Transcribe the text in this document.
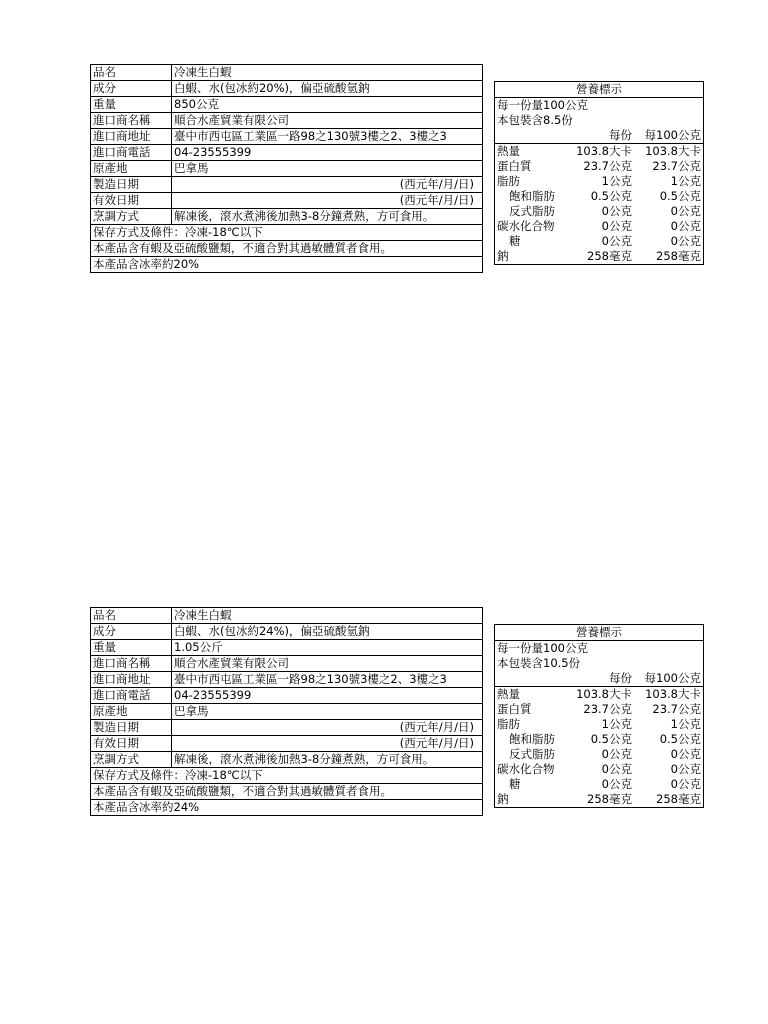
品名	冷凍生白蝦
成分	白蝦、水(包冰約20%)，偏亞硫酸氫鈉
重量	850公克
進口商名稱	順合水產貿業有限公司
進口商地址	臺中市西屯區工業區一路98之130號3樓之2、3樓之3
進口商電話	04-23555399
原產地	巴拿馬
製造日期	(西元年/月/日)
有效日期	(西元年/月/日)
烹調方式	解凍後，滾水煮沸後加熱3-8分鐘煮熟，方可食用。
保存方式及條件：冷凍-18℃以下	
本產品含有蝦及亞硫酸鹽類，不適合對其過敏體質者食用。	
本產品含冰率約20%	
營養標示		
每一份量100公克		
本包裝含8.5份		
	每份	每100公克
熱量	103.8大卡	103.8大卡
蛋白質	23.7公克	23.7公克
脂肪	1公克	1公克
飽和脂肪	0.5公克	0.5公克
反式脂肪	0公克	0公克
碳水化合物	0公克	0公克
糖	0公克	0公克
鈉	258毫克	258毫克
品名	冷凍生白蝦
成分	白蝦、水(包冰約24%)，偏亞硫酸氫鈉
重量	1.05公斤
進口商名稱	順合水產貿業有限公司
進口商地址	臺中市西屯區工業區一路98之130號3樓之2、3樓之3
進口商電話	04-23555399
原產地	巴拿馬
製造日期	(西元年/月/日)
有效日期	(西元年/月/日)
烹調方式	解凍後，滾水煮沸後加熱3-8分鐘煮熟，方可食用。
保存方式及條件：冷凍-18℃以下	
本產品含有蝦及亞硫酸鹽類，不適合對其過敏體質者食用。	
本產品含冰率約24%	
營養標示		
每一份量100公克		
本包裝含10.5份		
	每份	每100公克
熱量	103.8大卡	103.8大卡
蛋白質	23.7公克	23.7公克
脂肪	1公克	1公克
飽和脂肪	0.5公克	0.5公克
反式脂肪	0公克	0公克
碳水化合物	0公克	0公克
糖	0公克	0公克
鈉	258毫克	258毫克
